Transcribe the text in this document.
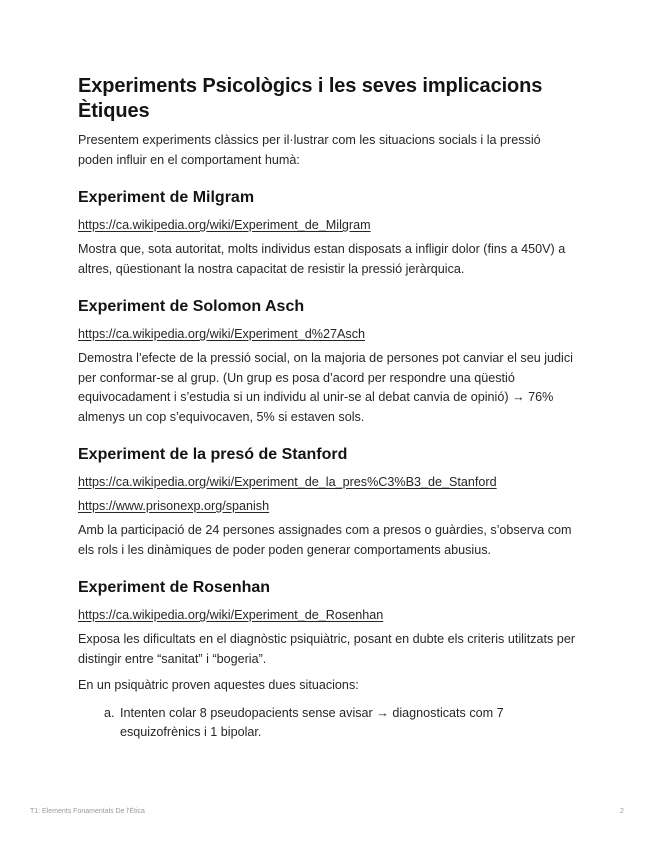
Experiments Psicològics i les seves implicacions Ètiques

Presentem experiments clàssics per il·lustrar com les situacions socials i la pressió poden influir en el comportament humà:

Experiment de Milgram
https://ca.wikipedia.org/wiki/Experiment_de_Milgram

Mostra que, sota autoritat, molts individus estan disposats a infligir dolor (fins a 450V) a altres, qüestionant la nostra capacitat de resistir la pressió jeràrquica.

Experiment de Solomon Asch
https://ca.wikipedia.org/wiki/Experiment_d%27Asch

Demostra l’efecte de la pressió social, on la majoria de persones pot canviar el seu judici per conformar-se al grup. (Un grup es posa d’acord per respondre una qüestió equivocadament i s’estudia si un individu al unir-se al debat canvia de opinió) → 76% almenys un cop s’equivocaven, 5% si estaven sols.

Experiment de la presó de Stanford
https://ca.wikipedia.org/wiki/Experiment_de_la_pres%C3%B3_de_Stanford
https://www.prisonexp.org/spanish

Amb la participació de 24 persones assignades com a presos o guàrdies, s’observa com els rols i les dinàmiques de poder poden generar comportaments abusius.

Experiment de Rosenhan
https://ca.wikipedia.org/wiki/Experiment_de_Rosenhan

Exposa les dificultats en el diagnòstic psiquiàtric, posant en dubte els criteris utilitzats per distingir entre “sanitat” i “bogeria”.

En un psiquàtric proven aquestes dues situacions:

a. Intenten colar 8 pseudopacients sense avisar → diagnosticats com 7 esquizofrènics i 1 bipolar.
T1: Elements Fonamentals De l'Ètica	2
